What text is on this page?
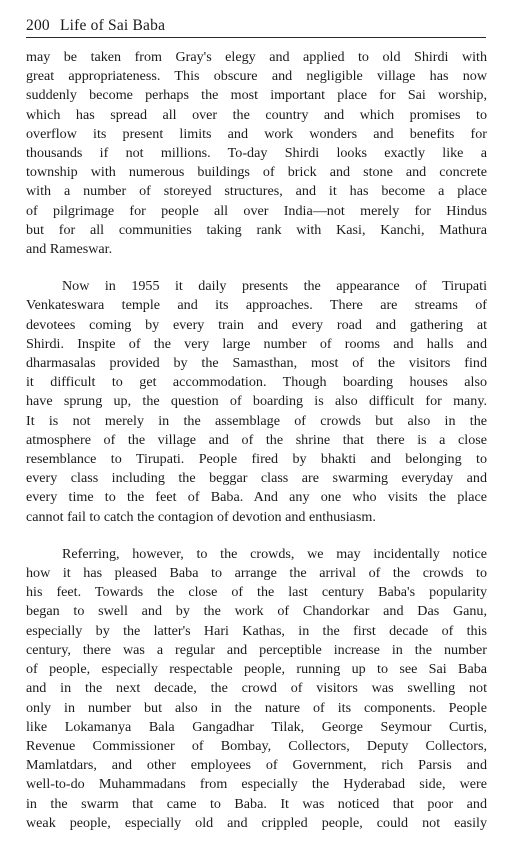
200 Life of Sai Baba

may be taken from Gray's elegy and applied to old Shirdi with
great appropriateness. This obscure and negligible village has now
suddenly become perhaps the most important place for Sai worship,
which has spread all over the country and which promises to
overflow its present limits and work wonders and benefits for
thousands if not millions. To-day Shirdi looks exactly like a
township with numerous buildings of brick and stone and concrete
with a number of storeyed structures, and it has become a place
of pilgrimage for people all over India—not merely for Hindus
but for all communities taking rank with Kasi, Kanchi, Mathura
and Rameswar.

Now in 1955 it daily presents the appearance of Tirupati
Venkateswara temple and its approaches. There are streams of
devotees coming by every train and every road and gathering at
Shirdi. Inspite of the very large number of rooms and halls and
dharmasalas provided by the Samasthan, most of the visitors find
it difficult to get accommodation. Though boarding houses also
have sprung up, the question of boarding is also difficult for many.
It is not merely in the assemblage of crowds but also in the
atmosphere of the village and of the shrine that there is a close
resemblance to Tirupati. People fired by bhakti and belonging to
every class including the beggar class are swarming everyday and
every time to the feet of Baba. And any one who visits the place
cannot fail to catch the contagion of devotion and enthusiasm.

Referring, however, to the crowds, we may incidentally notice
how it has pleased Baba to arrange the arrival of the crowds to
his feet. Towards the close of the last century Baba's popularity
began to swell and by the work of Chandorkar and Das Ganu,
especially by the latter's Hari Kathas, in the first decade of this
century, there was a regular and perceptible increase in the number
of people, especially respectable people, running up to see Sai Baba
and in the next decade, the crowd of visitors was swelling not
only in number but also in the nature of its components. People
like Lokamanya Bala Gangadhar Tilak, George Seymour Curtis,
Revenue Commissioner of Bombay, Collectors, Deputy Collectors,
Mamlatdars, and other employees of Government, rich Parsis and
well-to-do Muhammadans from especially the Hyderabad side, were
in the swarm that came to Baba. It was noticed that poor and
weak people, especially old and crippled people, could not easily
